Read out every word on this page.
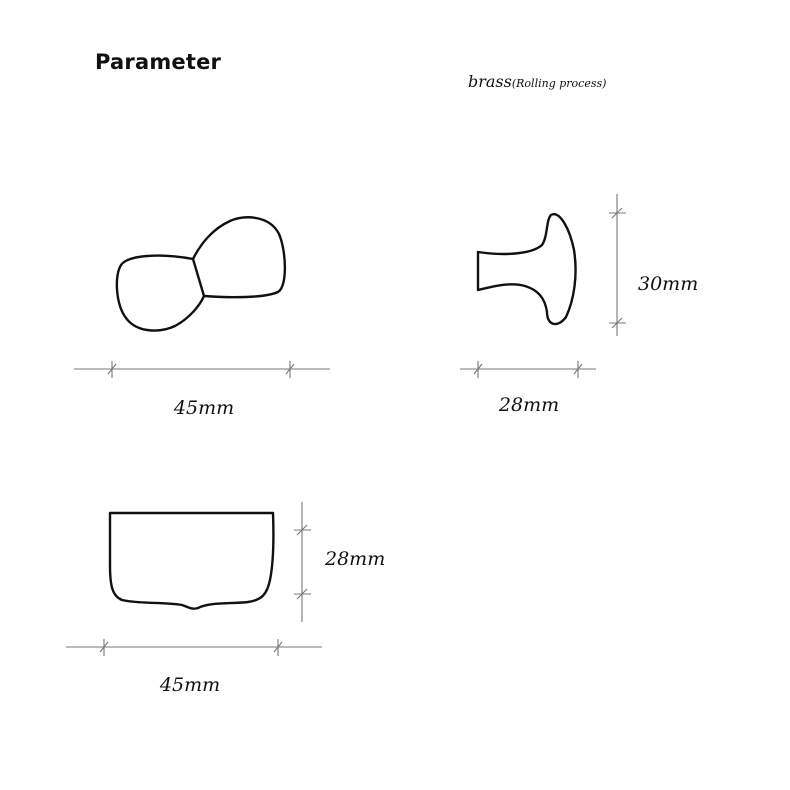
Parameter
brass(Rolling process)
45mm	28mm
30mm
45mm
28mm
